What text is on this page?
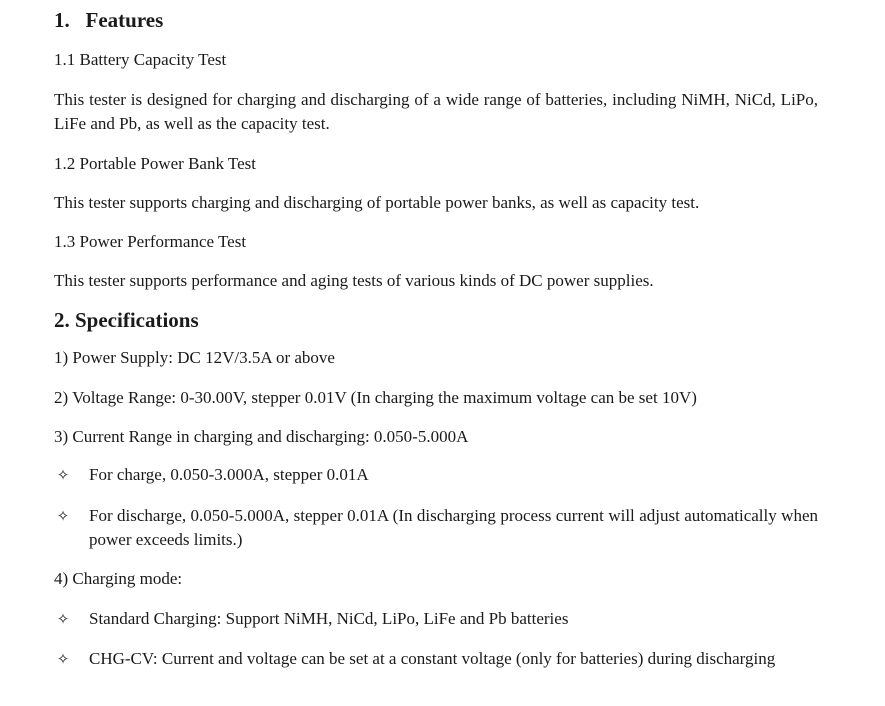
1.   Features
1.1 Battery Capacity Test
This tester is designed for charging and discharging of a wide range of batteries, including NiMH, NiCd, LiPo, LiFe and Pb, as well as the capacity test.
1.2 Portable Power Bank Test
This tester supports charging and discharging of portable power banks, as well as capacity test.
1.3 Power Performance Test
This tester supports performance and aging tests of various kinds of DC power supplies.
2. Specifications
1) Power Supply: DC 12V/3.5A or above
2) Voltage Range: 0-30.00V, stepper 0.01V (In charging the maximum voltage can be set 10V)
3) Current Range in charging and discharging: 0.050-5.000A
✧ For charge, 0.050-3.000A, stepper 0.01A
✧ For discharge, 0.050-5.000A, stepper 0.01A (In discharging process current will adjust automatically when power exceeds limits.)
4) Charging mode:
✧ Standard Charging: Support NiMH, NiCd, LiPo, LiFe and Pb batteries
✧ CHG-CV: Current and voltage can be set at a constant voltage (only for batteries) during discharging
